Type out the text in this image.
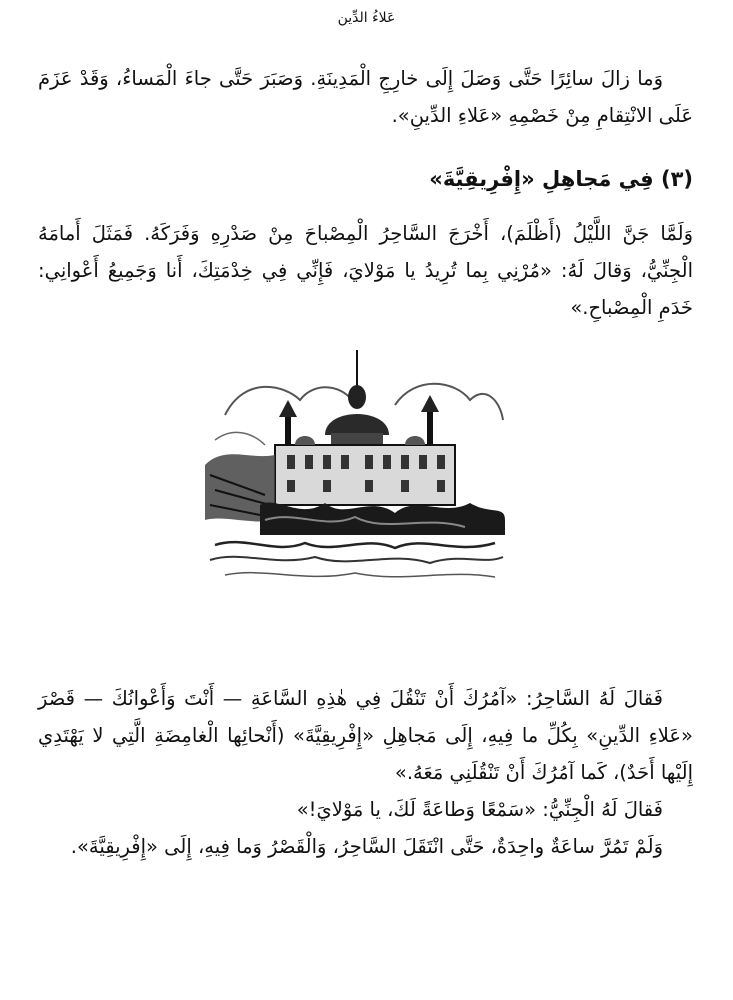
عَلاءُ الدِّين

وَما زالَ سائِرًا حَتَّى وَصَلَ إِلَى خارِجِ الْمَدِينَةِ. وَصَبَرَ حَتَّى جاءَ الْمَساءُ، وَقَدْ عَزَمَ عَلَى الانْتِقامِ مِنْ خَصْمِهِ «عَلاءِ الدِّينِ».

(٣) فِي مَجاهِلِ «إِفْرِيقِيَّةَ»

وَلَمَّا جَنَّ اللَّيْلُ (أَظْلَمَ)، أَخْرَجَ السَّاحِرُ الْمِصْباحَ مِنْ صَدْرِهِ وَفَرَكَهُ. فَمَثَلَ أَمامَهُ الْجِنِّيُّ، وَقالَ لَهُ: «مُرْنِي بِما تُرِيدُ يا مَوْلايَ، فَإِنِّي فِي خِدْمَتِكَ، أَنا وَجَمِيعُ أَعْوانِي: خَدَمِ الْمِصْباحِ.»

فَقالَ لَهُ السَّاحِرُ: «آمُرُكَ أَنْ تَنْقُلَ فِي هٰذِهِ السَّاعَةِ — أَنْتَ وَأَعْوانُكَ — قَصْرَ «عَلاءِ الدِّينِ» بِكُلِّ ما فِيهِ، إِلَى مَجاهِلِ «إِفْرِيقِيَّةَ» (أَنْحائِها الْغامِضَةِ الَّتِي لا يَهْتَدِي إِلَيْها أَحَدٌ)، كَما آمُرُكَ أَنْ تَنْقُلَنِي مَعَهُ.»

فَقالَ لَهُ الْجِنِّيُّ: «سَمْعًا وَطاعَةً لَكَ، يا مَوْلايَ!»

وَلَمْ تَمُرَّ ساعَةٌ واحِدَةٌ، حَتَّى انْتَقَلَ السَّاحِرُ، وَالْقَصْرُ وَما فِيهِ، إِلَى «إِفْرِيقِيَّةَ».
